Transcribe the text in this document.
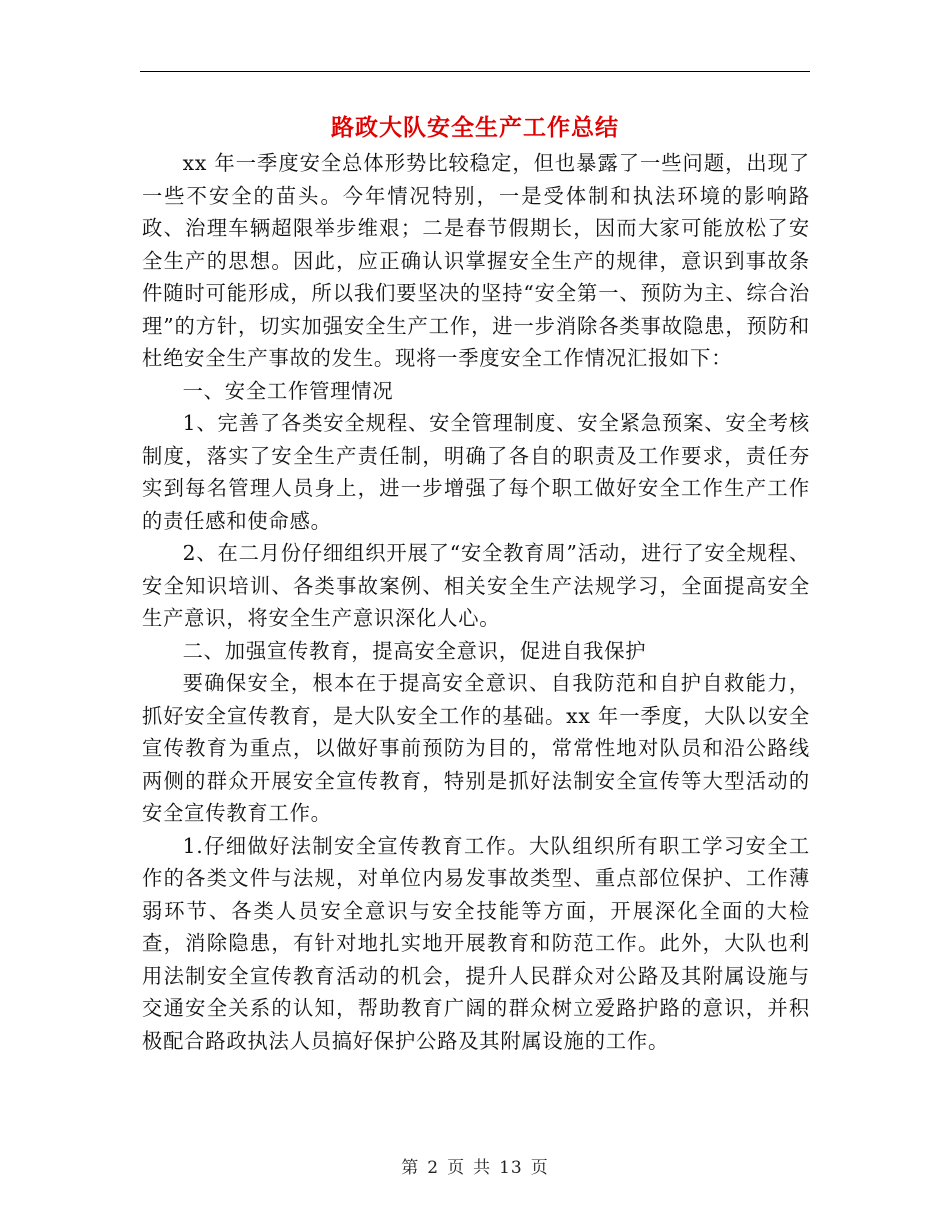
路政大队安全生产工作总结

xx 年一季度安全总体形势比较稳定，但也暴露了一些问题，出现了一些不安全的苗头。今年情况特别，一是受体制和执法环境的影响路政、治理车辆超限举步维艰；二是春节假期长，因而大家可能放松了安全生产的思想。因此，应正确认识掌握安全生产的规律，意识到事故条件随时可能形成，所以我们要坚决的坚持“安全第一、预防为主、综合治理”的方针，切实加强安全生产工作，进一步消除各类事故隐患，预防和杜绝安全生产事故的发生。现将一季度安全工作情况汇报如下：

一、安全工作管理情况

1、完善了各类安全规程、安全管理制度、安全紧急预案、安全考核制度，落实了安全生产责任制，明确了各自的职责及工作要求，责任夯实到每名管理人员身上，进一步增强了每个职工做好安全工作生产工作的责任感和使命感。

2、在二月份仔细组织开展了“安全教育周”活动，进行了安全规程、安全知识培训、各类事故案例、相关安全生产法规学习，全面提高安全生产意识，将安全生产意识深化人心。

二、加强宣传教育，提高安全意识，促进自我保护

要确保安全，根本在于提高安全意识、自我防范和自护自救能力，抓好安全宣传教育，是大队安全工作的基础。xx 年一季度，大队以安全宣传教育为重点，以做好事前预防为目的，常常性地对队员和沿公路线两侧的群众开展安全宣传教育，特别是抓好法制安全宣传等大型活动的安全宣传教育工作。

1.仔细做好法制安全宣传教育工作。大队组织所有职工学习安全工作的各类文件与法规，对单位内易发事故类型、重点部位保护、工作薄弱环节、各类人员安全意识与安全技能等方面，开展深化全面的大检查，消除隐患，有针对地扎实地开展教育和防范工作。此外，大队也利用法制安全宣传教育活动的机会，提升人民群众对公路及其附属设施与交通安全关系的认知，帮助教育广阔的群众树立爱路护路的意识，并积极配合路政执法人员搞好保护公路及其附属设施的工作。

第 2 页 共 13 页
